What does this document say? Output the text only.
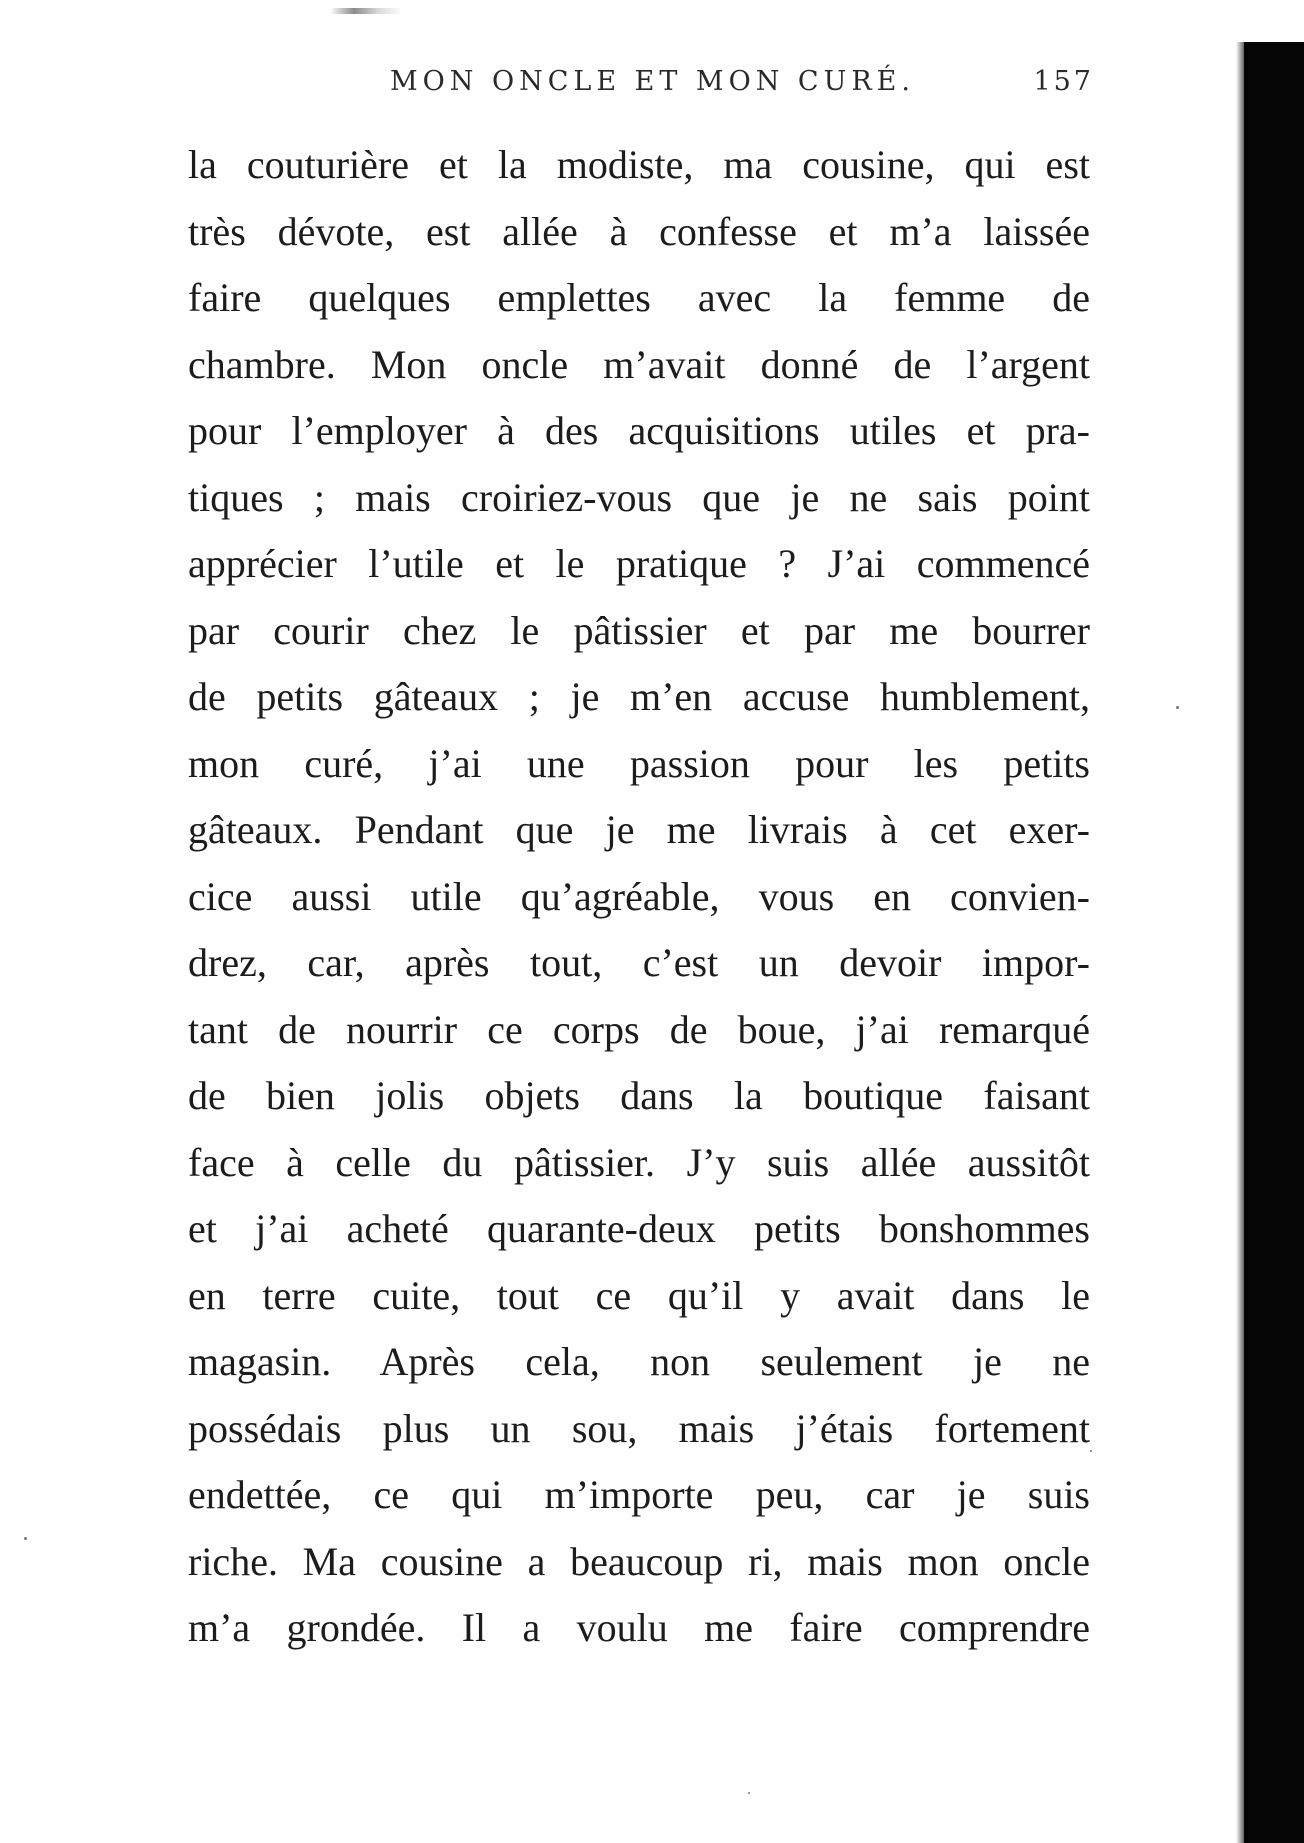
MON ONCLE ET MON CURÉ.	157
la couturière et la modiste, ma cousine, qui est
très dévote, est allée à confesse et m’a laissée
faire quelques emplettes avec la femme de
chambre. Mon oncle m’avait donné de l’argent
pour l’employer à des acquisitions utiles et pra-
tiques ; mais croiriez-vous que je ne sais point
apprécier l’utile et le pratique ? J’ai commencé
par courir chez le pâtissier et par me bourrer
de petits gâteaux ; je m’en accuse humblement,
mon curé, j’ai une passion pour les petits
gâteaux. Pendant que je me livrais à cet exer-
cice aussi utile qu’agréable, vous en convien-
drez, car, après tout, c’est un devoir impor-
tant de nourrir ce corps de boue, j’ai remarqué
de bien jolis objets dans la boutique faisant
face à celle du pâtissier. J’y suis allée aussitôt
et j’ai acheté quarante-deux petits bonshommes
en terre cuite, tout ce qu’il y avait dans le
magasin. Après cela, non seulement je ne
possédais plus un sou, mais j’étais fortement
endettée, ce qui m’importe peu, car je suis
riche. Ma cousine a beaucoup ri, mais mon oncle
m’a grondée. Il a voulu me faire comprendre
